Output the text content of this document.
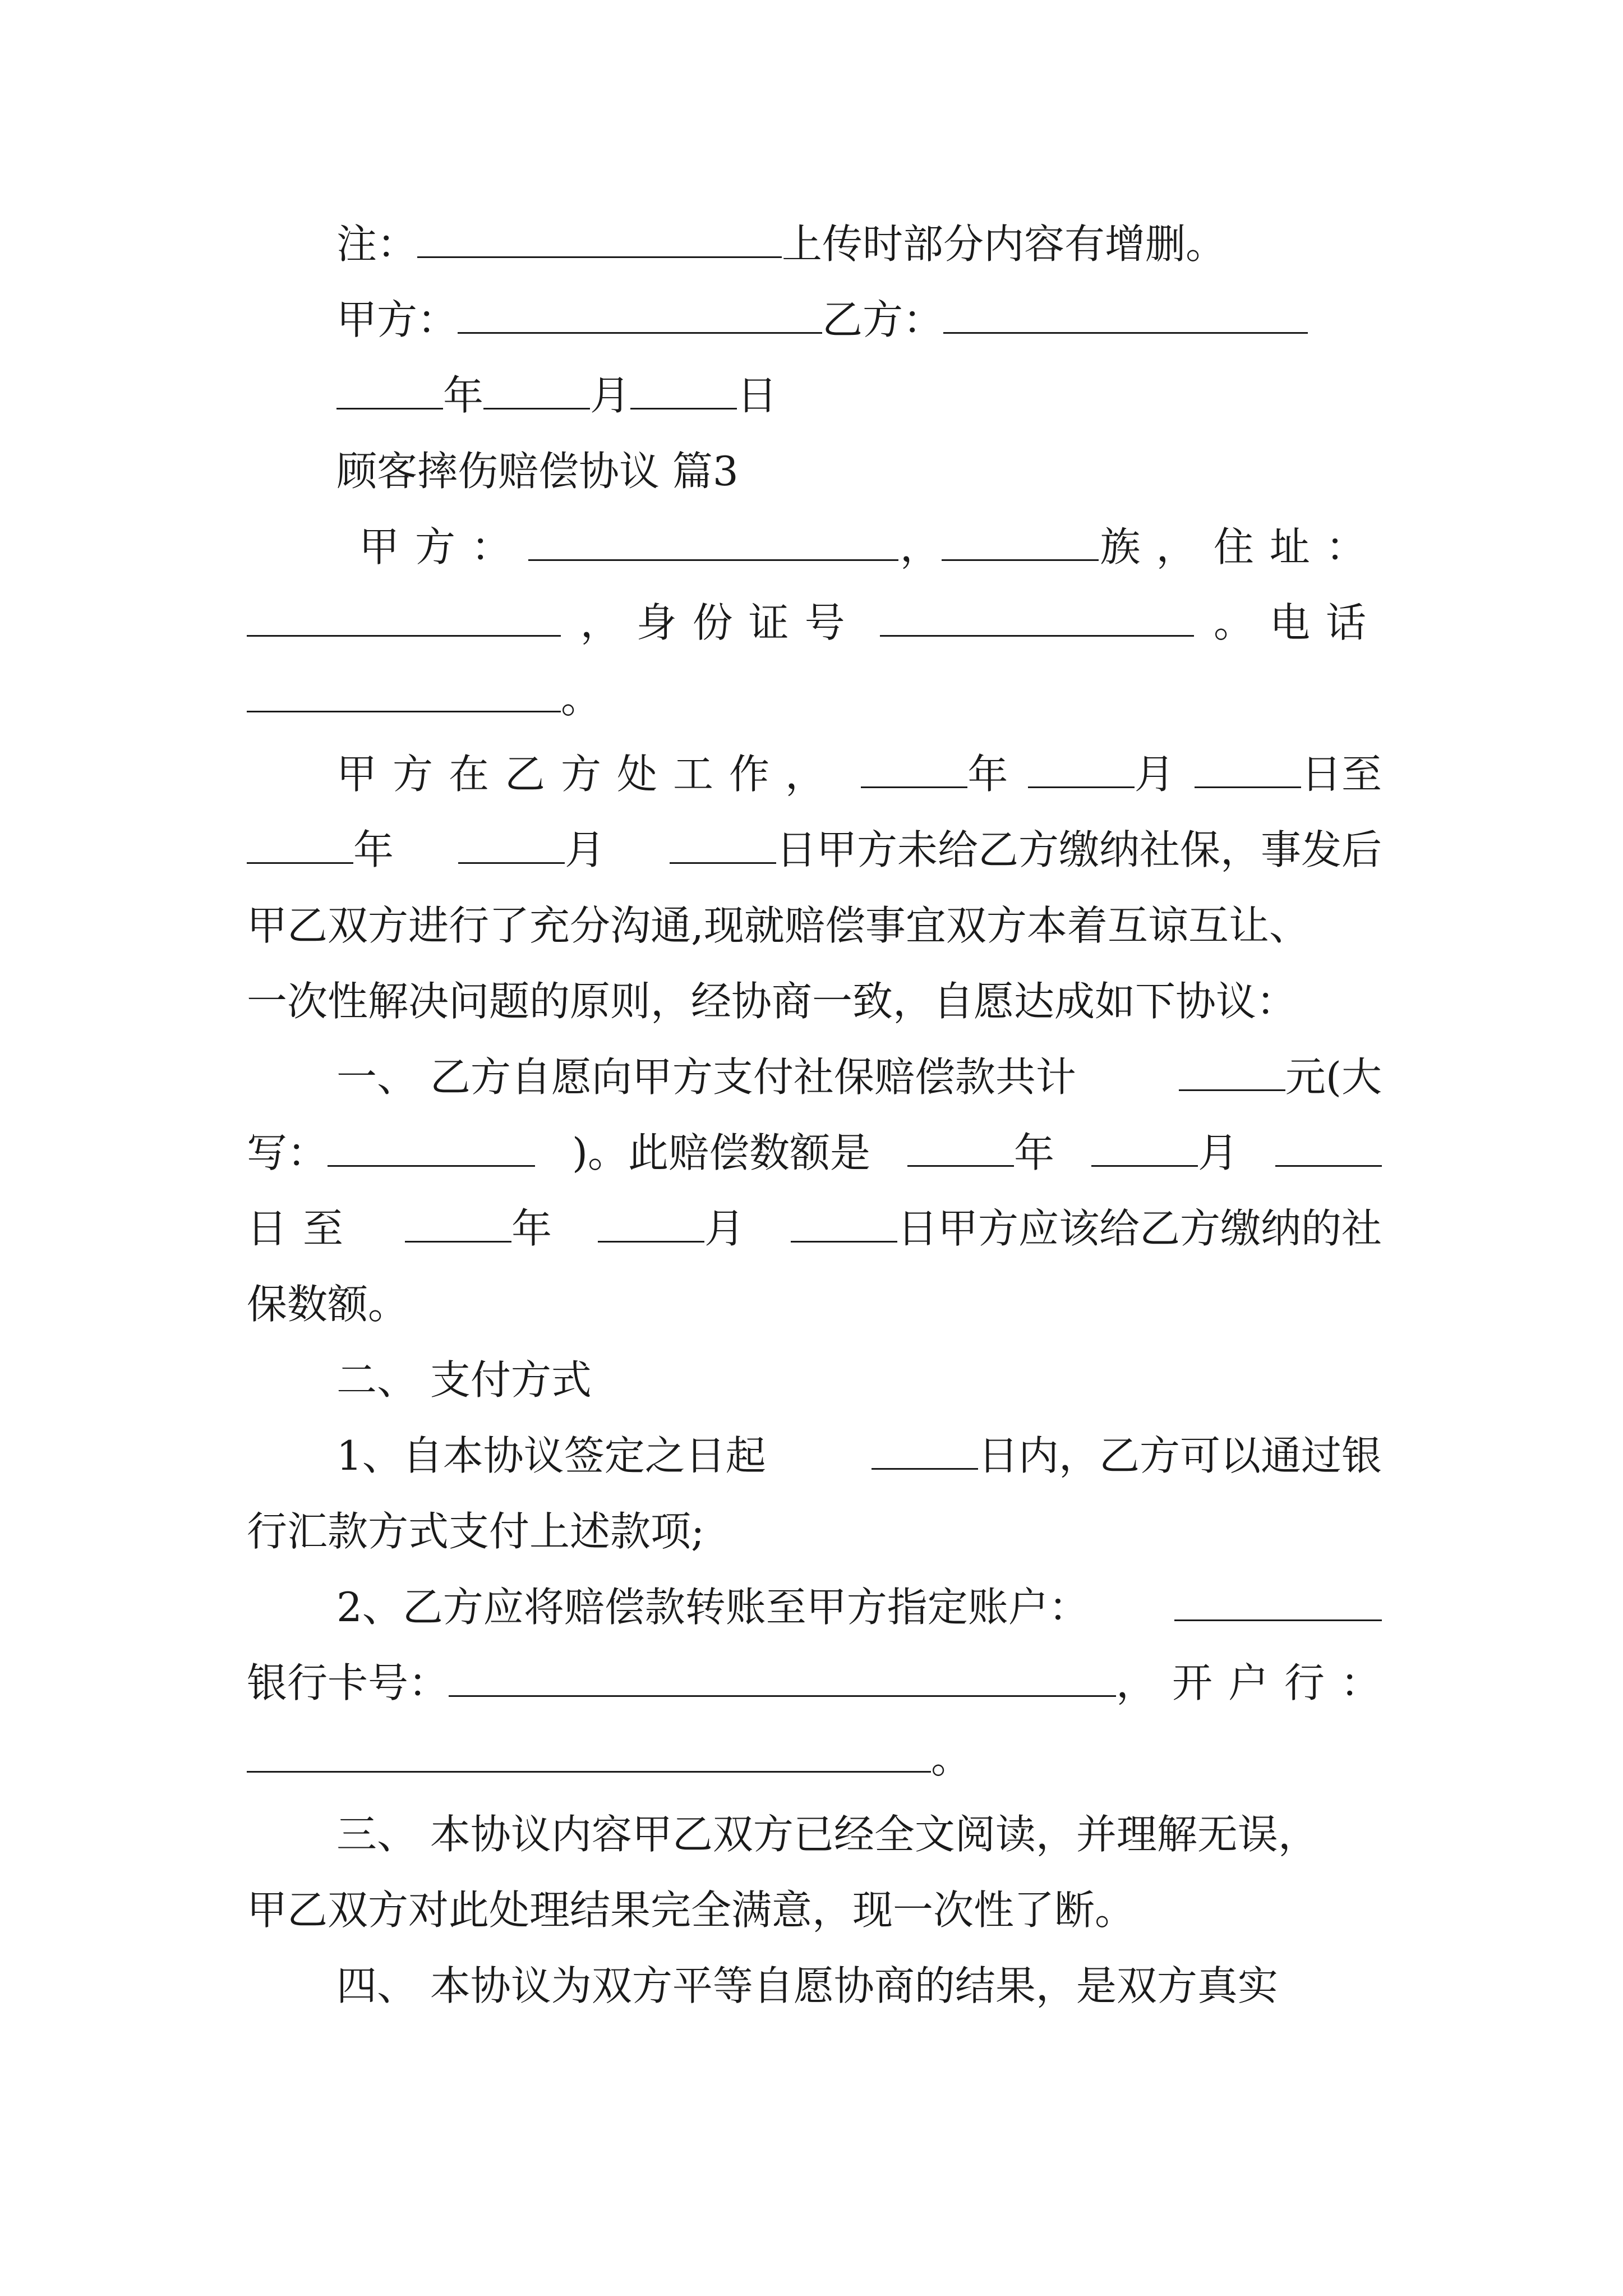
注：	上传时部分内容有增删。
甲方：	乙方：
年	月	日
顾客摔伤赔偿协议 篇3
甲方：	，	族， 住址：
，身份证号	。电话
。
甲方在乙方处工作，	年	月	日至
年	月	日甲方未给乙方缴纳社保，事发后
甲乙双方进行了充分沟通,现就赔偿事宜双方本着互谅互让、
一次性解决问题的原则，经协商一致，自愿达成如下协议：
一、 乙方自愿向甲方支付社保赔偿款共计	元(大
写：	)。此赔偿数额是	年	月
日至	年	月	日甲方应该给乙方缴纳的社
保数额。
二、 支付方式
1、自本协议签定之日起	日内，乙方可以通过银
行汇款方式支付上述款项;
2、乙方应将赔偿款转账至甲方指定账户：
银行卡号：	，开户行：
。
三、 本协议内容甲乙双方已经全文阅读，并理解无误，
甲乙双方对此处理结果完全满意，现一次性了断。
四、 本协议为双方平等自愿协商的结果，是双方真实
